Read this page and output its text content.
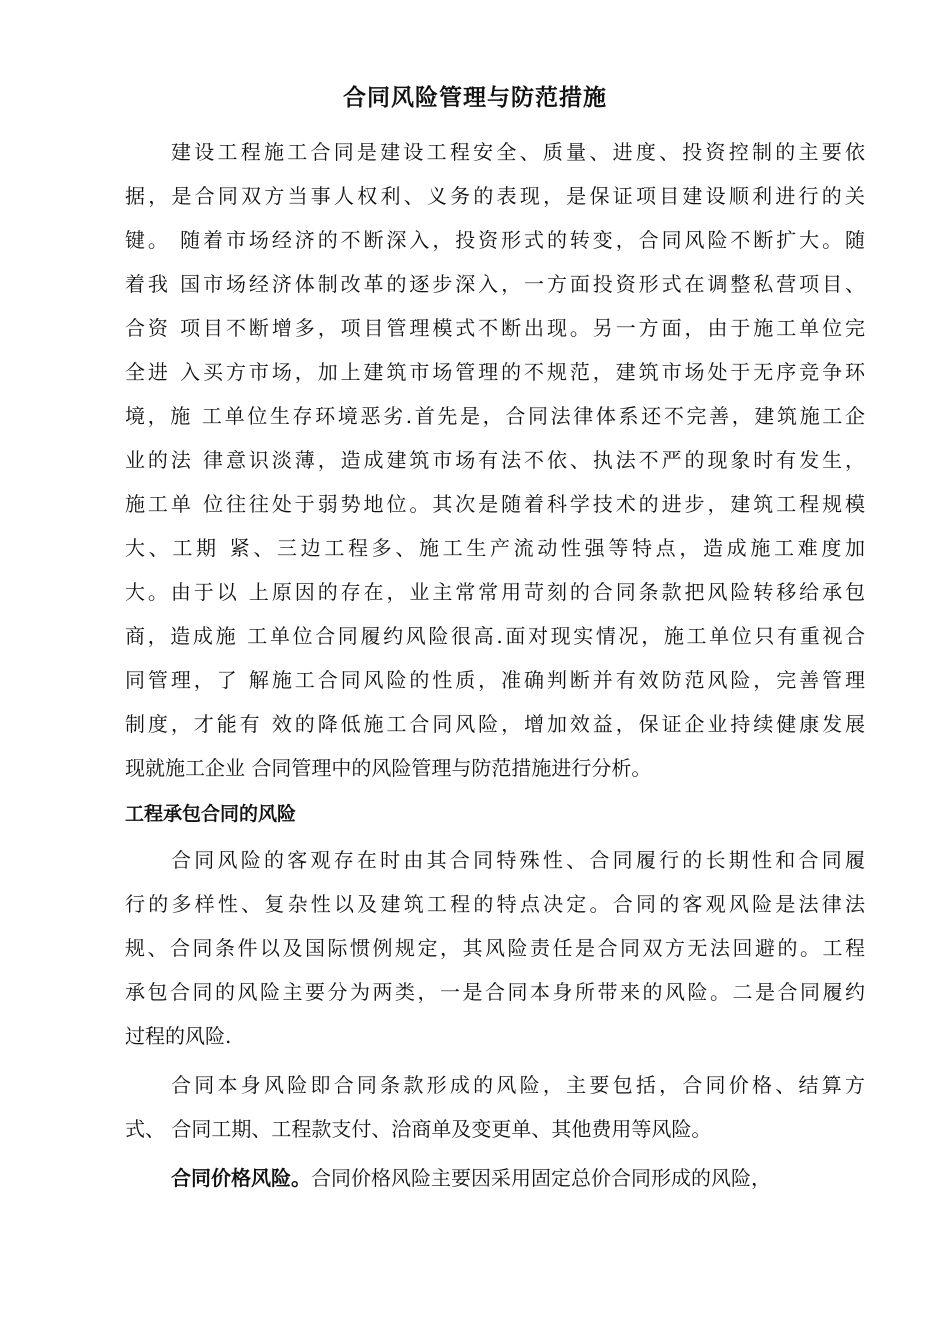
合同风险管理与防范措施
建设工程施工合同是建设工程安全、质量、进度、投资控制的主要依
据，是合同双方当事人权利、义务的表现，是保证项目建设顺利进行的关
键。 随着市场经济的不断深入，投资形式的转变，合同风险不断扩大。随
着我 国市场经济体制改革的逐步深入，一方面投资形式在调整私营项目、
合资 项目不断增多，项目管理模式不断出现。另一方面，由于施工单位完
全进 入买方市场，加上建筑市场管理的不规范，建筑市场处于无序竞争环
境，施 工单位生存环境恶劣.首先是，合同法律体系还不完善，建筑施工企
业的法 律意识淡薄，造成建筑市场有法不依、执法不严的现象时有发生，
施工单 位往往处于弱势地位。其次是随着科学技术的进步，建筑工程规模
大、工期 紧、三边工程多、施工生产流动性强等特点，造成施工难度加
大。由于以 上原因的存在，业主常常用苛刻的合同条款把风险转移给承包
商，造成施 工单位合同履约风险很高.面对现实情况，施工单位只有重视合
同管理，了 解施工合同风险的性质，准确判断并有效防范风险，完善管理
制度，才能有 效的降低施工合同风险，增加效益，保证企业持续健康发展
现就施工企业 合同管理中的风险管理与防范措施进行分析。
工程承包合同的风险
合同风险的客观存在时由其合同特殊性、合同履行的长期性和合同履
行的多样性、复杂性以及建筑工程的特点决定。合同的客观风险是法律法
规、合同条件以及国际惯例规定，其风险责任是合同双方无法回避的。工程
承包合同的风险主要分为两类，一是合同本身所带来的风险。二是合同履约
过程的风险.
合同本身风险即合同条款形成的风险，主要包括，合同价格、结算方
式、 合同工期、工程款支付、洽商单及变更单、其他费用等风险。
合同价格风险。合同价格风险主要因采用固定总价合同形成的风险，
